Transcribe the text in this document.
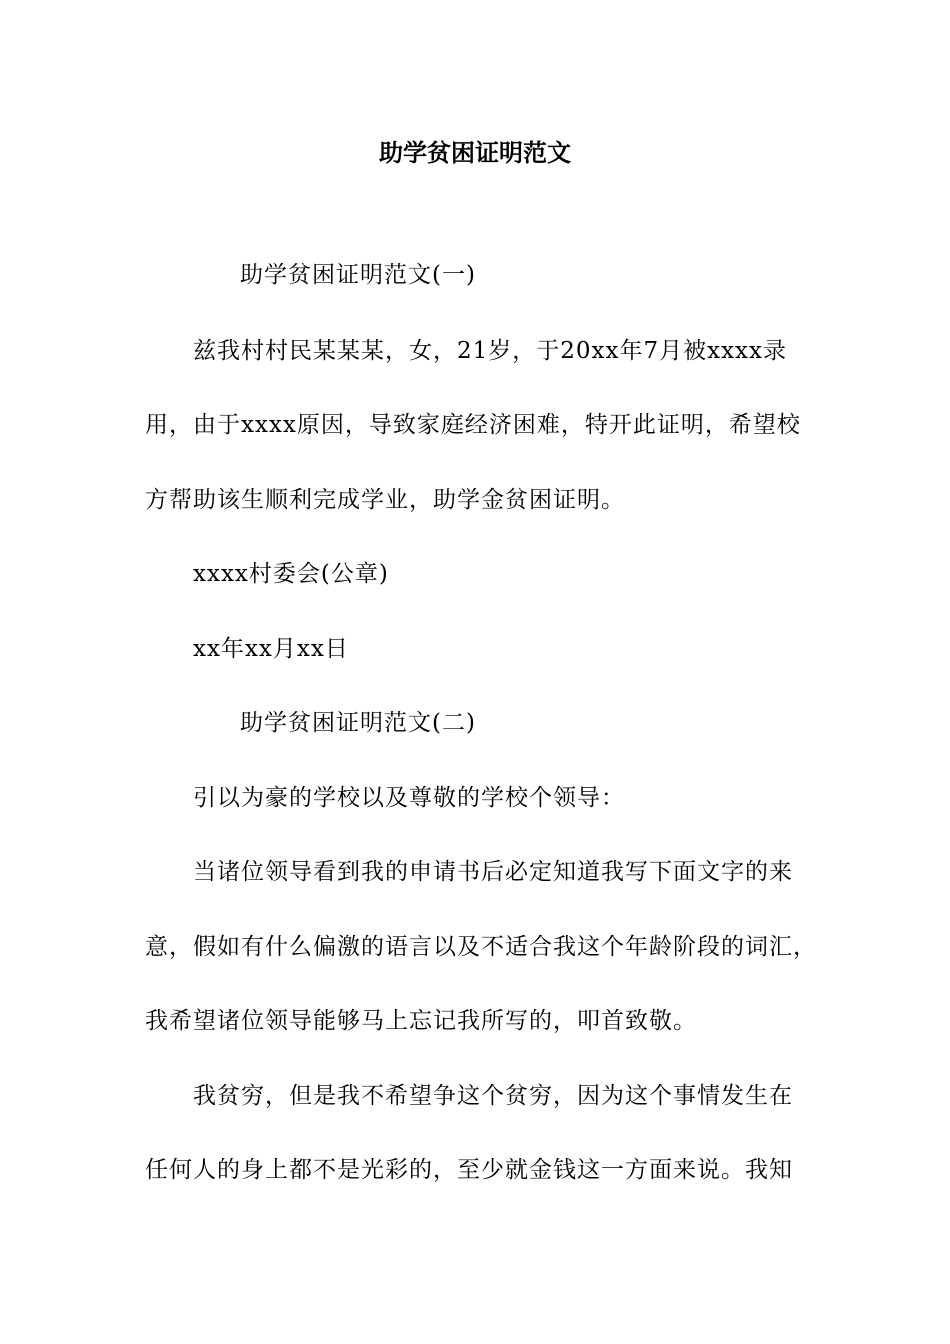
助学贫困证明范文
助学贫困证明范文(一)
兹我村村民某某某，女，21岁，于20xx年7月被xxxx录
用，由于xxxx原因，导致家庭经济困难，特开此证明，希望校
方帮助该生顺利完成学业，助学金贫困证明。
xxxx村委会(公章)
xx年xx月xx日
助学贫困证明范文(二)
引以为豪的学校以及尊敬的学校个领导：
当诸位领导看到我的申请书后必定知道我写下面文字的来
意，假如有什么偏激的语言以及不适合我这个年龄阶段的词汇，
我希望诸位领导能够马上忘记我所写的，叩首致敬。
我贫穷，但是我不希望争这个贫穷，因为这个事情发生在
任何人的身上都不是光彩的，至少就金钱这一方面来说。我知
